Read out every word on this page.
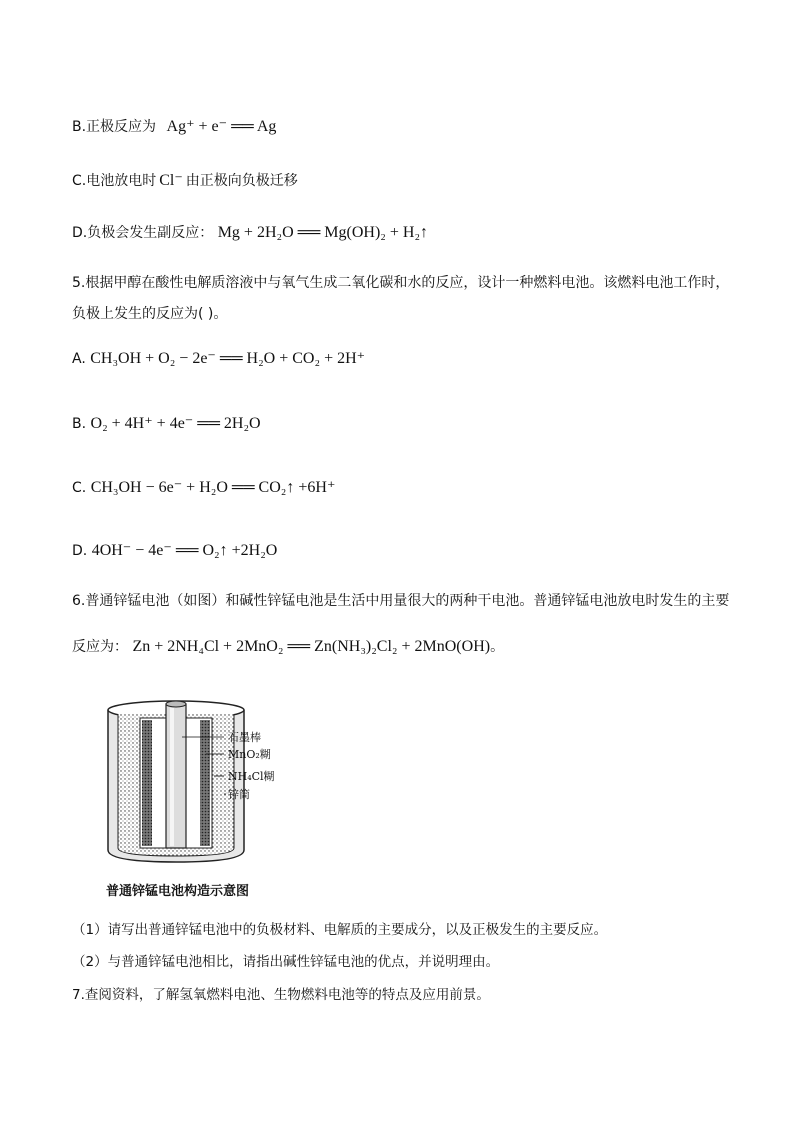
B.正极反应为 Ag⁺ + e⁻ ══ Ag
C.电池放电时 Cl⁻ 由正极向负极迁移
D.负极会发生副反应： Mg + 2H₂O ══ Mg(OH)₂ + H₂↑
5.根据甲醇在酸性电解质溶液中与氧气生成二氧化碳和水的反应，设计一种燃料电池。该燃料电池工作时，
负极上发生的反应为( )。
A. CH₃OH + O₂ − 2e⁻ ══ H₂O + CO₂ + 2H⁺
B. O₂ + 4H⁺ + 4e⁻ ══ 2H₂O
C. CH₃OH − 6e⁻ + H₂O ══ CO₂↑ +6H⁺
D. 4OH⁻ − 4e⁻ ══ O₂↑ +2H₂O
6.普通锌锰电池（如图）和碱性锌锰电池是生活中用量很大的两种干电池。普通锌锰电池放电时发生的主要
反应为： Zn + 2NH₄Cl + 2MnO₂ ══ Zn(NH₃)₂Cl₂ + 2MnO(OH)。
石墨棒
MnO₂糊
NH₄Cl糊
锌筒
普通锌锰电池构造示意图
（1）请写出普通锌锰电池中的负极材料、电解质的主要成分，以及正极发生的主要反应。
（2）与普通锌锰电池相比，请指出碱性锌锰电池的优点，并说明理由。
7.查阅资料，了解氢氧燃料电池、生物燃料电池等的特点及应用前景。
